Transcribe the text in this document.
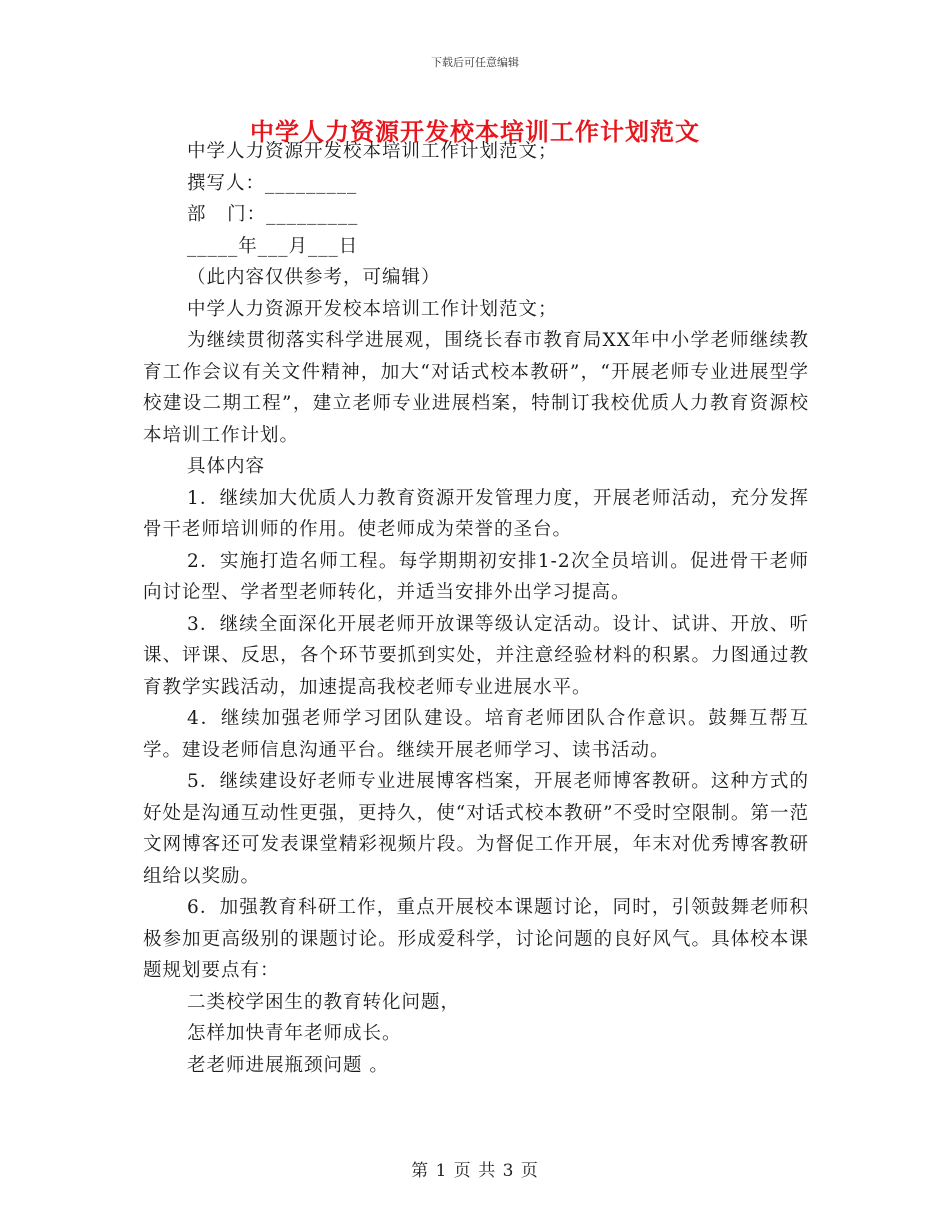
下载后可任意编辑
中学人力资源开发校本培训工作计划范文

中学人力资源开发校本培训工作计划范文；

撰写人：_________

部   门：_________

_____年___月___日

（此内容仅供参考，可编辑）

中学人力资源开发校本培训工作计划范文；

为继续贯彻落实科学进展观，围绕长春市教育局XX年中小学老师继续教育工作会议有关文件精神，加大“对话式校本教研”，“开展老师专业进展型学校建设二期工程”，建立老师专业进展档案，特制订我校优质人力教育资源校本培训工作计划。

具体内容

1．继续加大优质人力教育资源开发管理力度，开展老师活动，充分发挥骨干老师培训师的作用。使老师成为荣誉的圣台。

2．实施打造名师工程。每学期期初安排1-2次全员培训。促进骨干老师向讨论型、学者型老师转化，并适当安排外出学习提高。

3．继续全面深化开展老师开放课等级认定活动。设计、试讲、开放、听课、评课、反思，各个环节要抓到实处，并注意经验材料的积累。力图通过教育教学实践活动，加速提高我校老师专业进展水平。

4．继续加强老师学习团队建设。培育老师团队合作意识。鼓舞互帮互学。建设老师信息沟通平台。继续开展老师学习、读书活动。

5．继续建设好老师专业进展博客档案，开展老师博客教研。这种方式的好处是沟通互动性更强，更持久，使“对话式校本教研”不受时空限制。第一范文网博客还可发表课堂精彩视频片段。为督促工作开展，年末对优秀博客教研组给以奖励。

6．加强教育科研工作，重点开展校本课题讨论，同时，引领鼓舞老师积极参加更高级别的课题讨论。形成爱科学，讨论问题的良好风气。具体校本课题规划要点有：

二类校学困生的教育转化问题，

怎样加快青年老师成长。

老老师进展瓶颈问题 。

第 1 页 共 3 页
